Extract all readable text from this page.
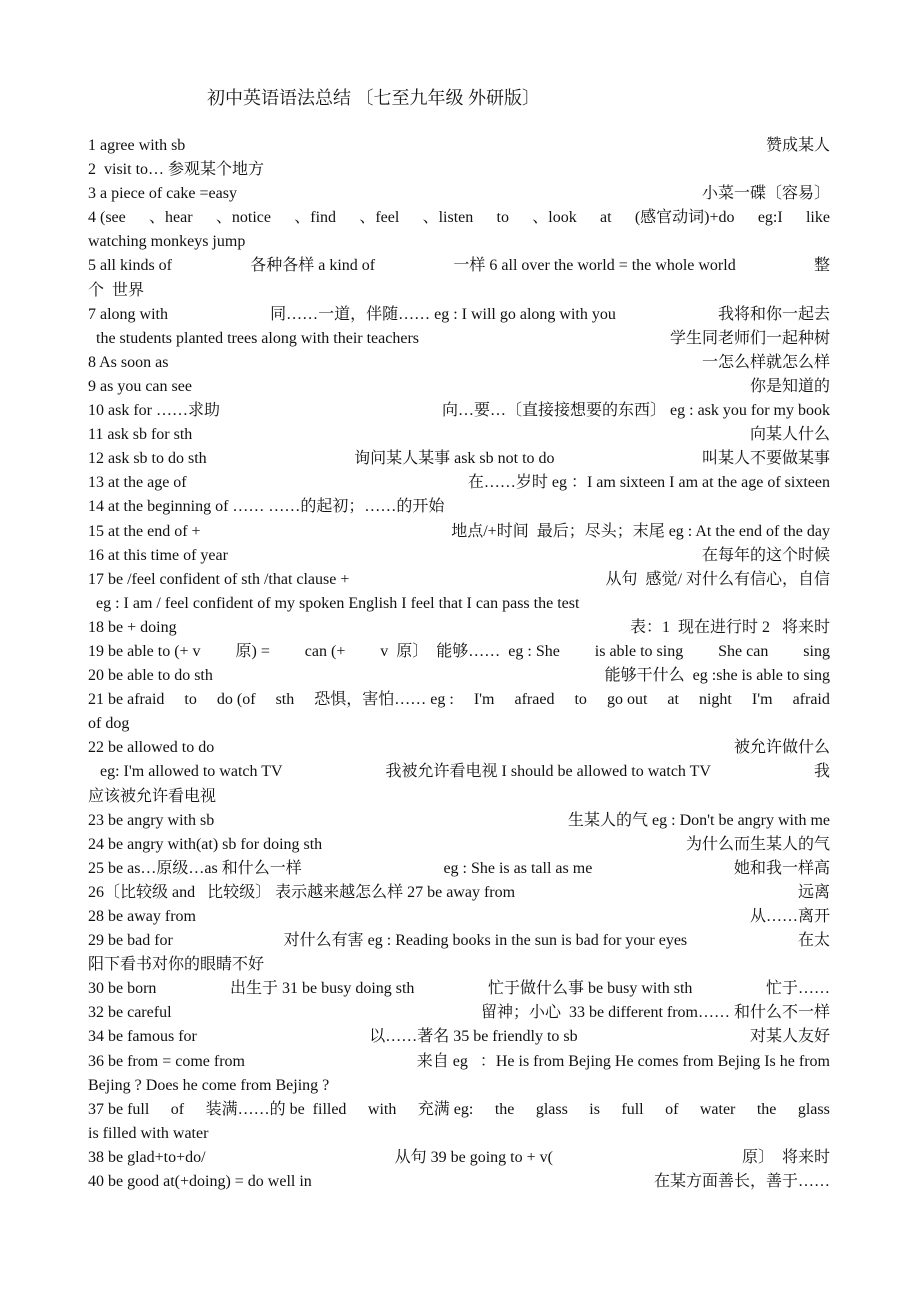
初中英语语法总结 〔七至九年级 外研版〕
1 agree with sb	赞成某人
2  visit to… 参观某个地方
3 a piece of cake =easy	小菜一碟〔容易〕
4 (see 、hear 、notice 、find 、feel 、listen to 、look at (感官动词)+do eg:I like
watching monkeys jump
5 all kinds of	各种各样 a kind of	一样 6 all over the world = the whole world	整
个  世界
7 along with	同……一道，伴随…… eg : I will go along with you	我将和你一起去
the students planted trees along with their teachers	学生同老师们一起种树
8 As soon as	一怎么样就怎么样
9 as you can see	你是知道的
10 ask for ……求助	向…要…〔直接接想要的东西〕 eg : ask you for my book
11 ask sb for sth	向某人什么
12 ask sb to do sth	询问某人某事 ask sb not to do	叫某人不要做某事
13 at the age of	在……岁时 eg ：I am sixteen I am at the age of sixteen
14 at the beginning of …… ……的起初；……的开始
15 at the end of +	地点/+时间  最后；尽头；末尾 eg : At the end of the day
16 at this time of year	在每年的这个时候
17 be /feel confident of sth /that clause +	从句  感觉/ 对什么有信心，自信
eg : I am / feel confident of my spoken English I feel that I can pass the test
18 be + doing	表：1  现在进行时 2   将来时
19 be able to (+ v 原) = can (+ v  原〕  能够……  eg : She is able to sing She can sing
20 be able to do sth	能够干什么  eg :she is able to sing
21 be afraid to do (of sth 恐惧，害怕…… eg : I'm afraed to go out at night I'm afraid
of dog
22 be allowed to do	被允许做什么
eg: I'm allowed to watch TV	我被允许看电视 I should be allowed to watch TV	我
应该被允许看电视
23 be angry with sb	生某人的气 eg : Don't be angry with me
24 be angry with(at) sb for doing sth	为什么而生某人的气
25 be as…原级…as 和什么一样	eg : She is as tall as me	她和我一样高
26〔比较级 and   比较级〕 表示越来越怎么样 27 be away from	远离
28 be away from	从……离开
29 be bad for	对什么有害 eg : Reading books in the sun is bad for your eyes	在太
阳下看书对你的眼睛不好
30 be born	出生于 31 be busy doing sth	忙于做什么事 be busy with sth	忙于……
32 be careful	留神；小心  33 be different from…… 和什么不一样
34 be famous for	以……著名 35 be friendly to sb	对某人友好
36 be from = come from	来自 eg   ：He is from Bejing He comes from Bejing Is he from
Bejing ? Does he come from Bejing ?
37 be full of 装满……的 be  filled with 充满 eg: the glass is full of water the glass
is filled with water
38 be glad+to+do/	从句 39 be going to + v(	原〕  将来时
40 be good at(+doing) = do well in	在某方面善长，善于……
